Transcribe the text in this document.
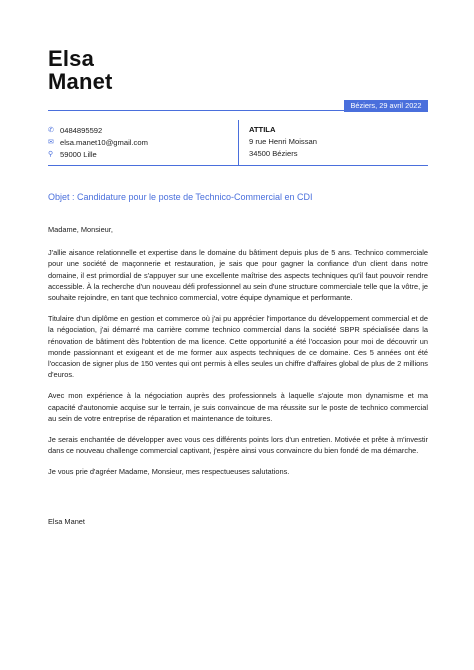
Elsa
Manet
Béziers, 29 avril 2022
✆ 0484895592
✉ elsa.manet10@gmail.com
⚲ 59000 Lille
ATTILA
9 rue Henri Moissan
34500 Béziers
Objet : Candidature pour le poste de Technico-Commercial en CDI

Madame, Monsieur,

J'allie aisance relationnelle et expertise dans le domaine du bâtiment depuis plus de 5 ans. Technico commerciale pour une société de maçonnerie et restauration, je sais que pour gagner la confiance d'un client dans notre domaine, il est primordial de s'appuyer sur une excellente maîtrise des aspects techniques qu'il faut pouvoir rendre accessible. À la recherche d'un nouveau défi professionnel au sein d'une structure commerciale telle que la vôtre, je souhaite rejoindre, en tant que technico commercial, votre équipe dynamique et performante.

Titulaire d'un diplôme en gestion et commerce où j'ai pu apprécier l'importance du développement commercial et de la négociation, j'ai démarré ma carrière comme technico commercial dans la société SBPR spécialisée dans la rénovation de bâtiment dès l'obtention de ma licence. Cette opportunité a été l'occasion pour moi de découvrir un monde passionnant et exigeant et de me former aux aspects techniques de ce domaine. Ces 5 années ont été l'occasion de signer plus de 150 ventes qui ont permis à elles seules un chiffre d'affaires global de plus de 2 millions d'euros.

Avec mon expérience à la négociation auprès des professionnels à laquelle s'ajoute mon dynamisme et ma capacité d'autonomie acquise sur le terrain, je suis convaincue de ma réussite sur le poste de technico commercial au sein de votre entreprise de réparation et maintenance de toitures.

Je serais enchantée de développer avec vous ces différents points lors d'un entretien. Motivée et prête à m'investir dans ce nouveau challenge commercial captivant, j'espère ainsi vous convaincre du bien fondé de ma démarche.

Je vous prie d'agréer Madame, Monsieur, mes respectueuses salutations.

Elsa Manet
